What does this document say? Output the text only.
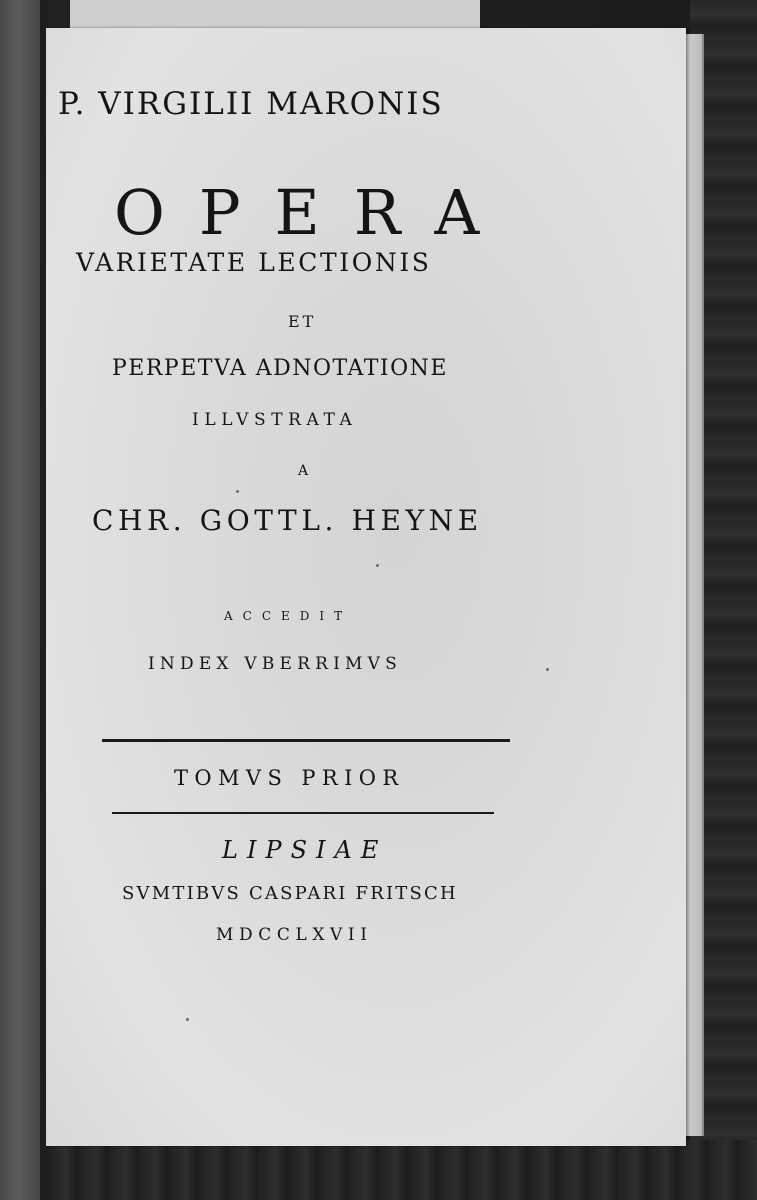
P. VIRGILII MARONIS
OPERA
VARIETATE LECTIONIS
ET
PERPETVA ADNOTATIONE
ILLVSTRATA
A
CHR. GOTTL. HEYNE
ACCEDIT
INDEX VBERRIMVS
TOMVS PRIOR
LIPSIAE
SVMTIBVS CASPARI FRITSCH
MDCCLXVII
